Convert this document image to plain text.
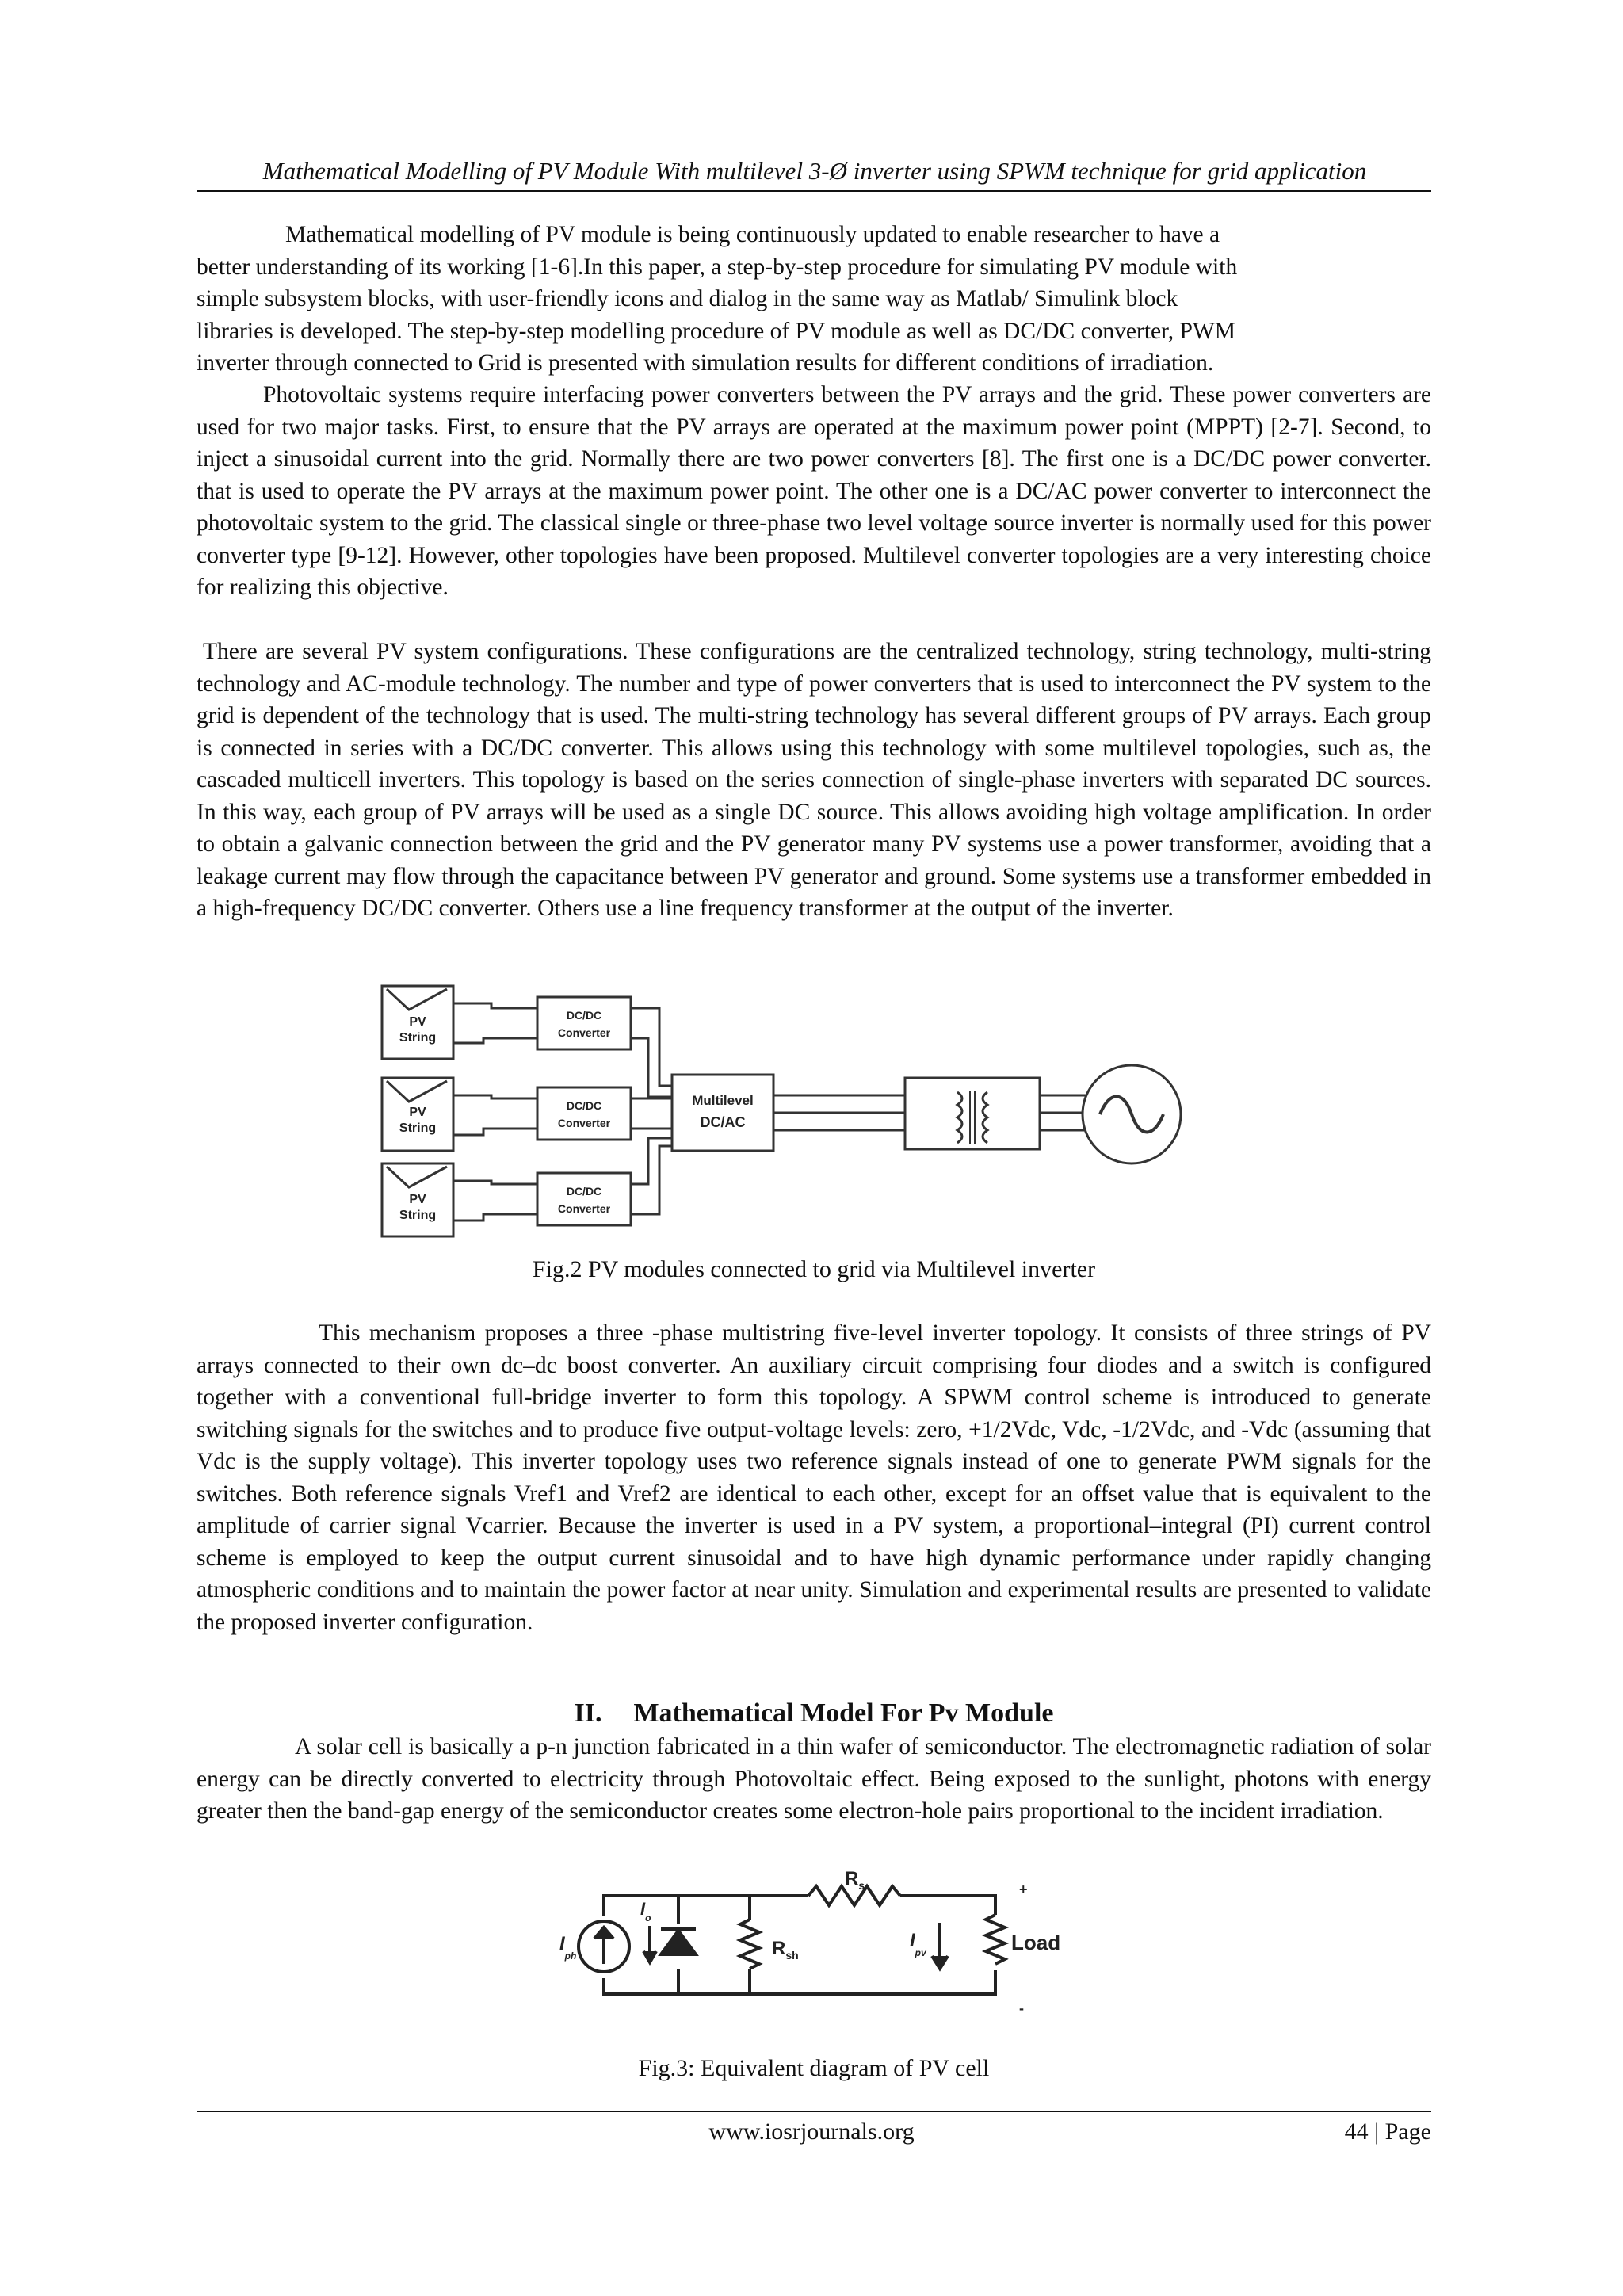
Mathematical Modelling of PV Module With multilevel 3-Ø inverter using SPWM technique for grid application
Mathematical modelling of PV module is being continuously updated to enable researcher to have a
better understanding of its working [1-6].In this paper, a step-by-step procedure for simulating PV module with
simple subsystem blocks, with user-friendly icons and dialog in the same way as Matlab/ Simulink block
libraries is developed. The step-by-step modelling procedure of PV module as well as DC/DC converter, PWM
inverter through connected to Grid is presented with simulation results for different conditions of irradiation.

Photovoltaic systems require interfacing power converters between the PV arrays and the grid. These power converters are used for two major tasks. First, to ensure that the PV arrays are operated at the maximum power point (MPPT) [2-7]. Second, to inject a sinusoidal current into the grid. Normally there are two power converters [8]. The first one is a DC/DC power converter. that is used to operate the PV arrays at the maximum power point. The other one is a DC/AC power converter to interconnect the photovoltaic system to the grid. The classical single or three-phase two level voltage source inverter is normally used for this power converter type [9-12]. However, other topologies have been proposed. Multilevel converter topologies are a very interesting choice for realizing this objective.

There are several PV system configurations. These configurations are the centralized technology, string technology, multi-string technology and AC-module technology. The number and type of power converters that is used to interconnect the PV system to the grid is dependent of the technology that is used. The multi-string technology has several different groups of PV arrays. Each group is connected in series with a DC/DC converter. This allows using this technology with some multilevel topologies, such as, the cascaded multicell inverters. This topology is based on the series connection of single-phase inverters with separated DC sources. In this way, each group of PV arrays will be used as a single DC source. This allows avoiding high voltage amplification. In order to obtain a galvanic connection between the grid and the PV generator many PV systems use a power transformer, avoiding that a leakage current may flow through the capacitance between PV generator and ground. Some systems use a transformer embedded in a high-frequency DC/DC converter. Others use a line frequency transformer at the output of the inverter.

PV
String
PV
String
PV
String
DC/DC
Converter
DC/DC
Converter
DC/DC
Converter
Multilevel
DC/AC
Fig.2 PV modules connected to grid via Multilevel inverter

This mechanism proposes a three -phase multistring five-level inverter topology. It consists of three strings of PV arrays connected to their own dc–dc boost converter. An auxiliary circuit comprising four diodes and a switch is configured together with a conventional full-bridge inverter to form this topology. A SPWM control scheme is introduced to generate switching signals for the switches and to produce five output-voltage levels: zero, +1/2Vdc, Vdc, -1/2Vdc, and -Vdc (assuming that Vdc is the supply voltage). This inverter topology uses two reference signals instead of one to generate PWM signals for the switches. Both reference signals Vref1 and Vref2 are identical to each other, except for an offset value that is equivalent to the amplitude of carrier signal Vcarrier. Because the inverter is used in a PV system, a proportional–integral (PI) current control scheme is employed to keep the output current sinusoidal and to have high dynamic performance under rapidly changing atmospheric conditions and to maintain the power factor at near unity. Simulation and experimental results are presented to validate the proposed inverter configuration.

II. Mathematical Model For Pv Module

A solar cell is basically a p-n junction fabricated in a thin wafer of semiconductor. The electromagnetic radiation of solar energy can be directly converted to electricity through Photovoltaic effect. Being exposed to the sunlight, photons with energy greater then the band-gap energy of the semiconductor creates some electron-hole pairs proportional to the incident irradiation.

$R_s$
$R_{sh}$
$I_{ph}$
$I_o$
$I_{pv}$	Load
+
-
Fig.3: Equivalent diagram of PV cell
www.iosrjournals.org	44 | Page
